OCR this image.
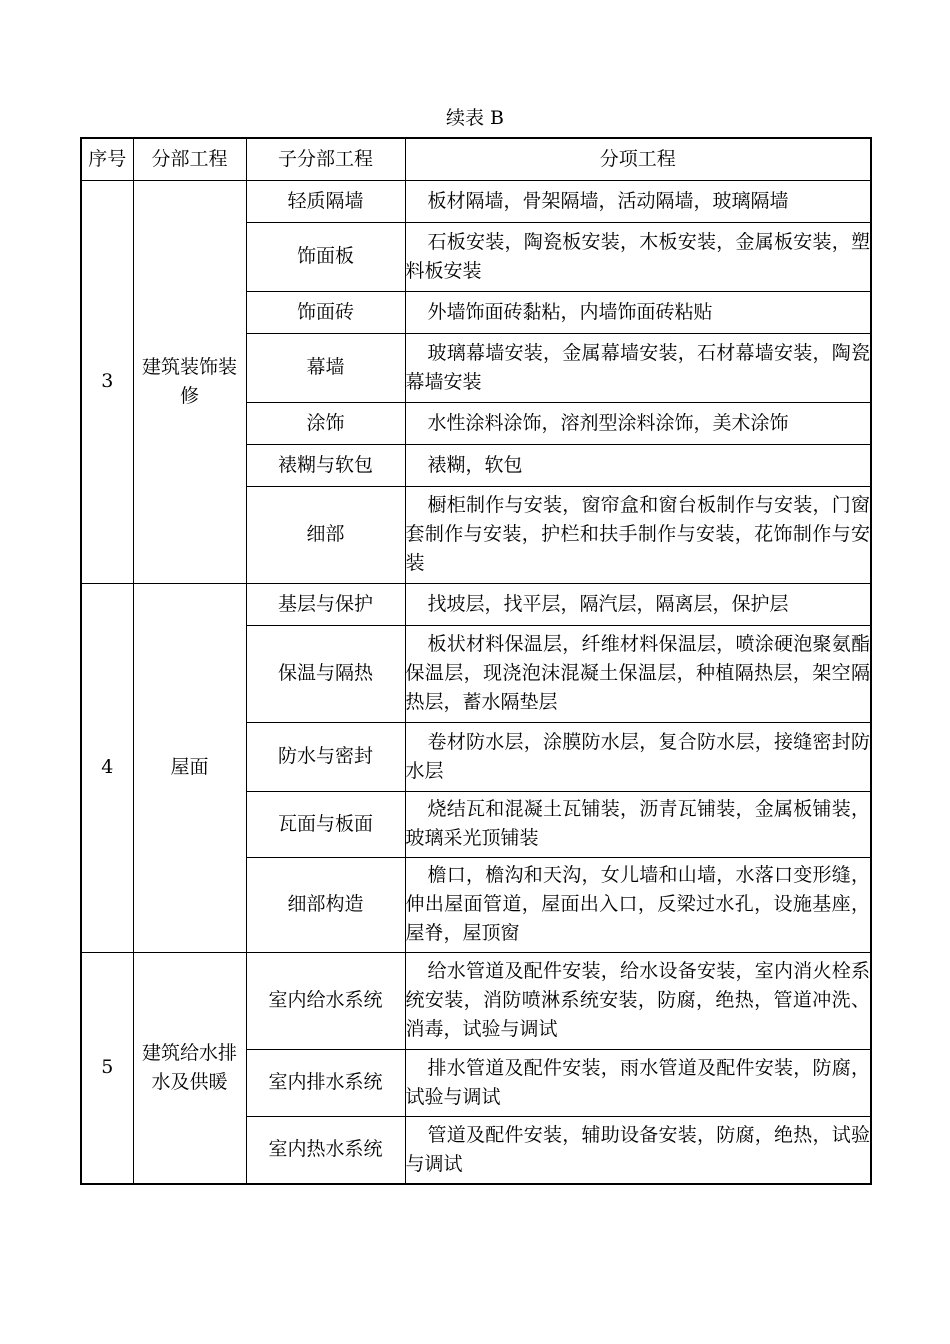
续表 B
序号	分部工程	子分部工程	分项工程
3	建筑装饰装修	轻质隔墙	板材隔墙，骨架隔墙，活动隔墙，玻璃隔墙
		饰面板	石板安装，陶瓷板安装，木板安装，金属板安装，塑料板安装
		饰面砖	外墙饰面砖黏粘，内墙饰面砖粘贴
		幕墙	玻璃幕墙安装，金属幕墙安装，石材幕墙安装，陶瓷幕墙安装
		涂饰	水性涂料涂饰，溶剂型涂料涂饰，美术涂饰
		裱糊与软包	裱糊，软包
		细部	橱柜制作与安装，窗帘盒和窗台板制作与安装，门窗套制作与安装，护栏和扶手制作与安装，花饰制作与安装
4	屋面	基层与保护	找坡层，找平层，隔汽层，隔离层，保护层
		保温与隔热	板状材料保温层，纤维材料保温层，喷涂硬泡聚氨酯保温层，现浇泡沫混凝土保温层，种植隔热层，架空隔热层，蓄水隔垫层
		防水与密封	卷材防水层，涂膜防水层，复合防水层，接缝密封防水层
		瓦面与板面	烧结瓦和混凝土瓦铺装，沥青瓦铺装，金属板铺装，玻璃采光顶铺装
		细部构造	檐口，檐沟和天沟，女儿墙和山墙，水落口变形缝，伸出屋面管道，屋面出入口，反梁过水孔，设施基座，屋脊，屋顶窗
5	建筑给水排水及供暖	室内给水系统	给水管道及配件安装，给水设备安装，室内消火栓系统安装，消防喷淋系统安装，防腐，绝热，管道冲洗、消毒，试验与调试
		室内排水系统	排水管道及配件安装，雨水管道及配件安装，防腐，试验与调试
		室内热水系统	管道及配件安装，辅助设备安装，防腐，绝热，试验与调试
